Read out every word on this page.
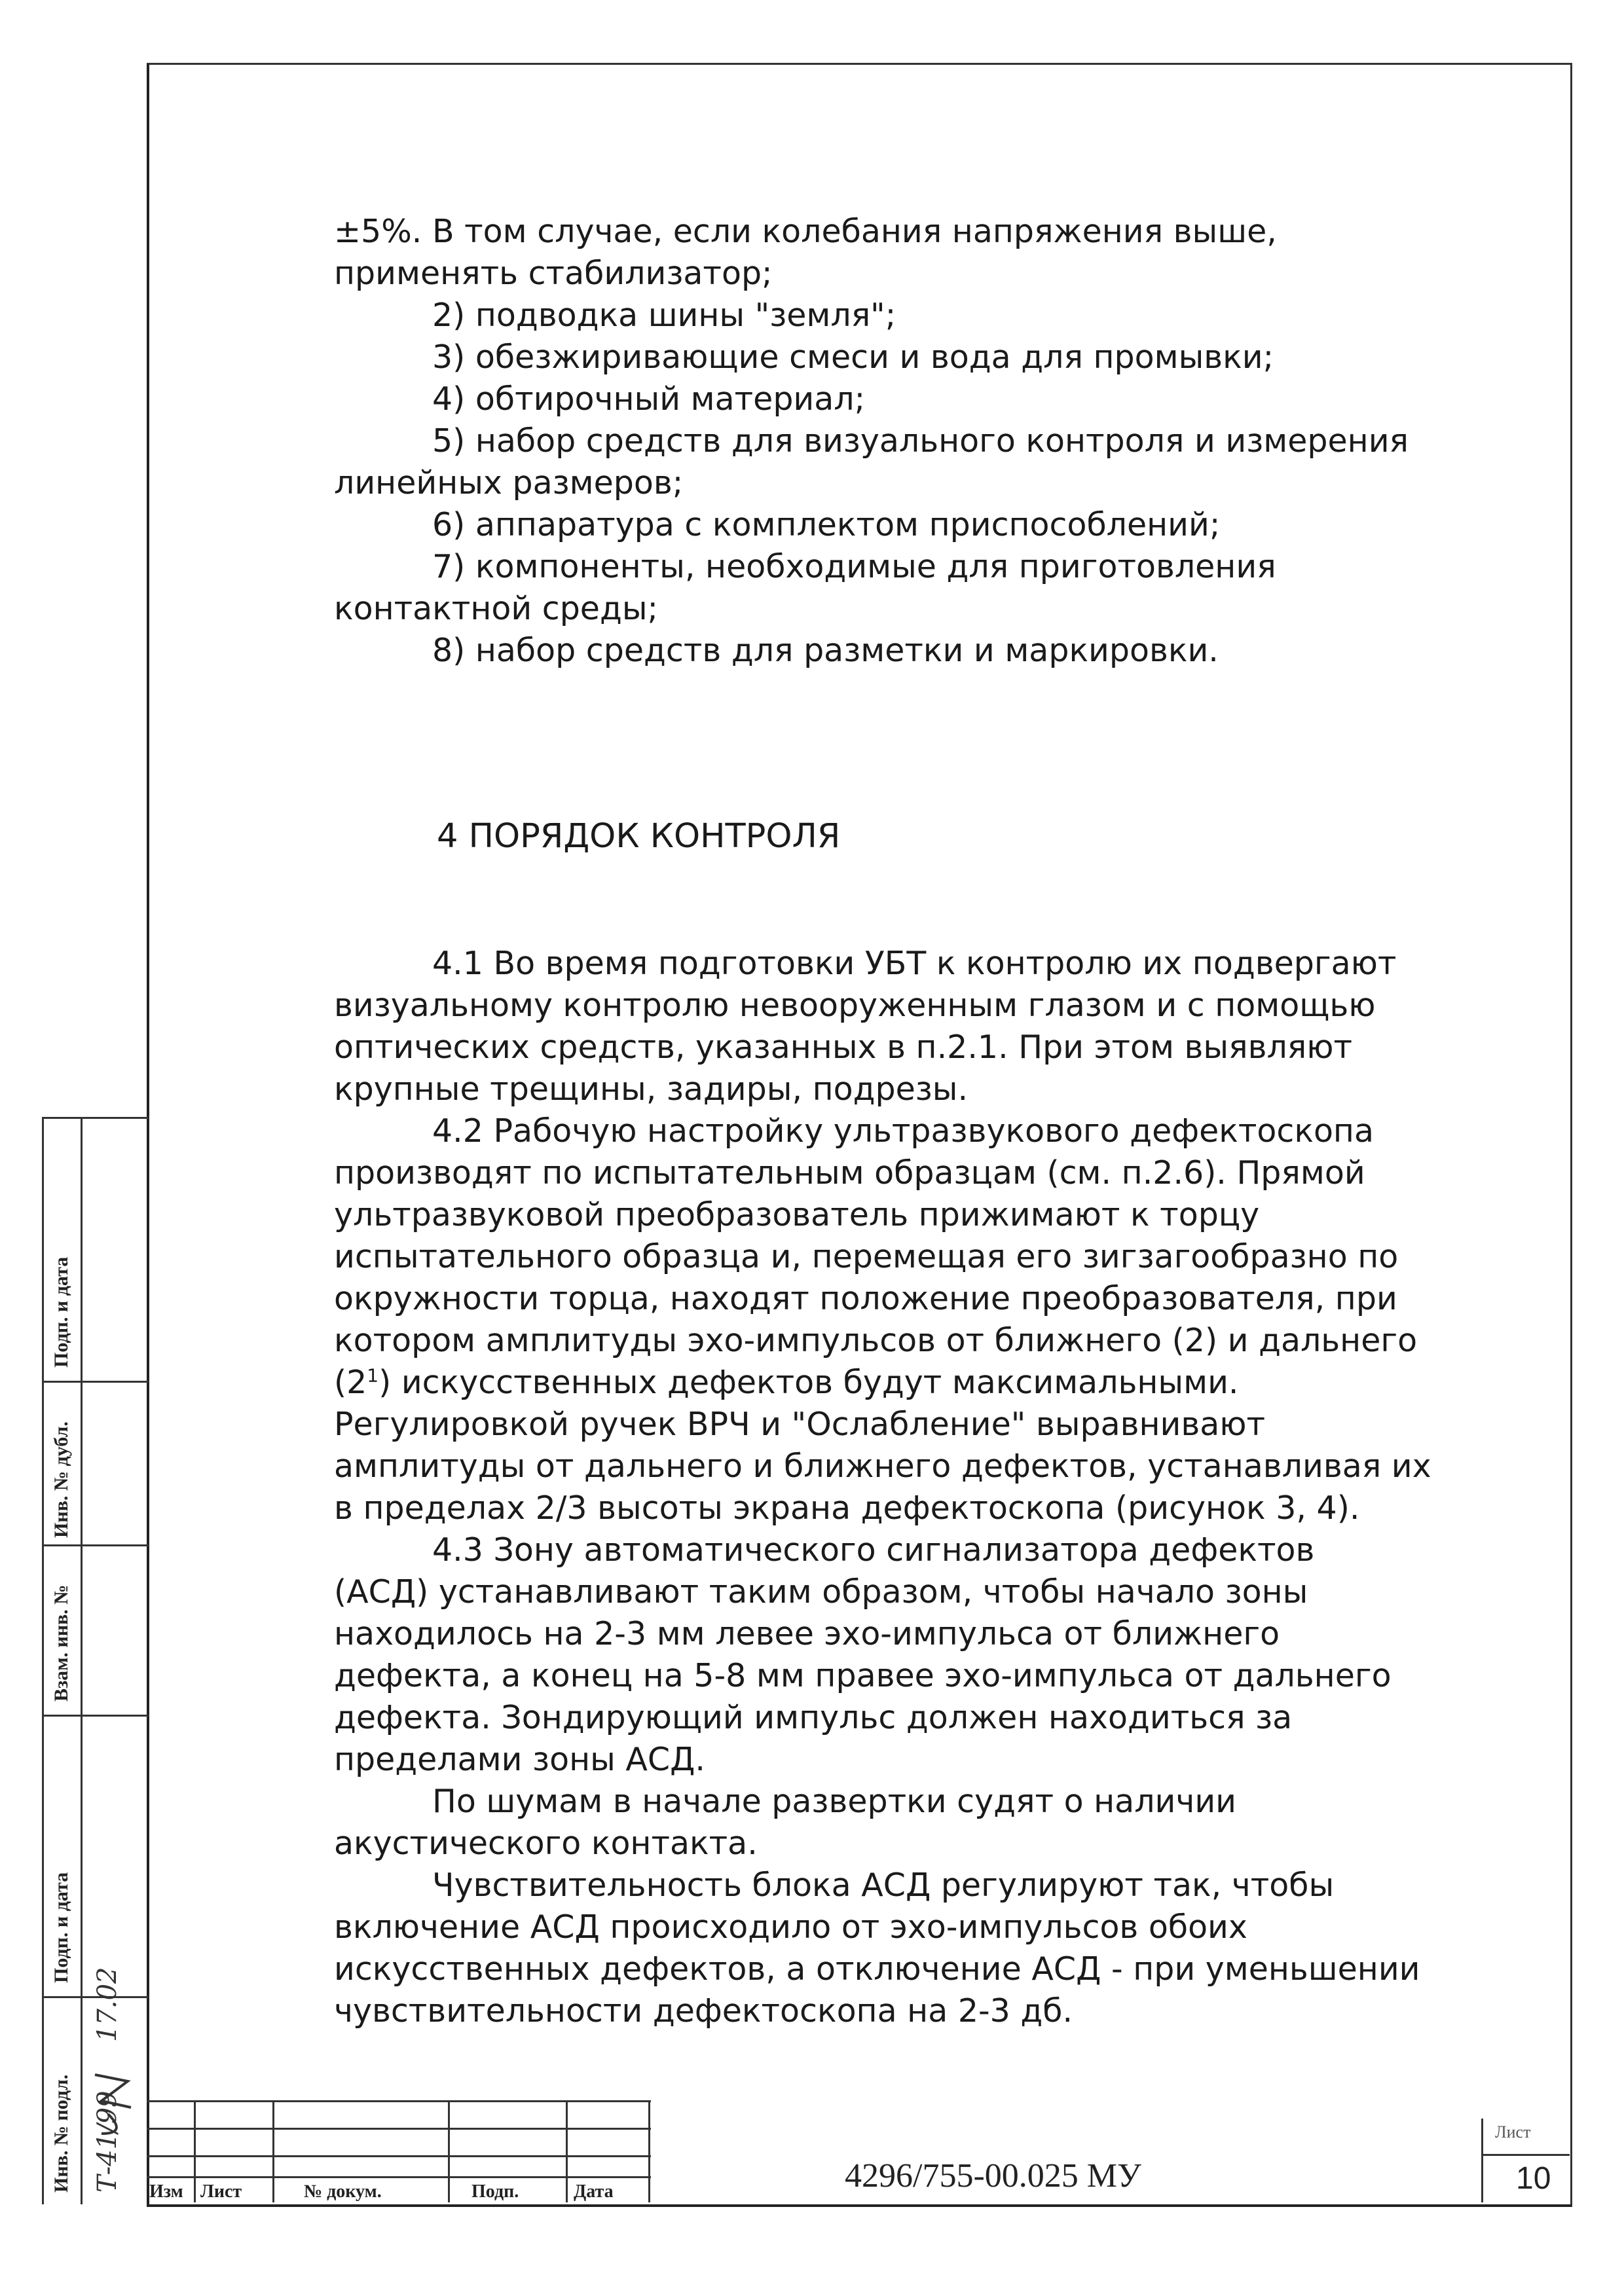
±5%. В том случае, если колебания напряжения выше,

применять стабилизатор;

2) подводка шины "земля";

3) обезжиривающие смеси и вода для промывки;

4) обтирочный материал;

5) набор средств для визуального контроля и измерения

линейных размеров;

6) аппаратура с комплектом приспособлений;

7) компоненты, необходимые для приготовления

контактной среды;

8) набор средств для разметки и маркировки.

4 ПОРЯДОК КОНТРОЛЯ

4.1 Во время подготовки УБТ к контролю их подвергают

визуальному контролю невооруженным глазом и с помощью

оптических средств, указанных в п.2.1. При этом выявляют

крупные трещины, задиры, подрезы.

4.2 Рабочую настройку ультразвукового дефектоскопа

производят по испытательным образцам (см. п.2.6). Прямой

ультразвуковой преобразователь прижимают к торцу

испытательного образца и, перемещая его зигзагообразно по

окружности торца, находят положение преобразователя, при

котором амплитуды эхо-импульсов от ближнего (2) и дальнего

$(2^1)$ искусственных дефектов будут максимальными.

Регулировкой ручек ВРЧ и "Ослабление" выравнивают

амплитуды от дальнего и ближнего дефектов, устанавливая их

в пределах 2/3 высоты экрана дефектоскопа (рисунок 3, 4).

4.3 Зону автоматического сигнализатора дефектов

(АСД) устанавливают таким образом, чтобы начало зоны

находилось на 2-3 мм левее эхо-импульса от ближнего

дефекта, а конец на 5-8 мм правее эхо-импульса от дальнего

дефекта. Зондирующий импульс должен находиться за

пределами зоны АСД.

По шумам в начале развертки судят о наличии

акустического контакта.

Чувствительность блока АСД регулируют так, чтобы

включение АСД происходило от эхо-импульсов обоих

искусственных дефектов, а отключение АСД - при уменьшении

чувствительности дефектоскопа на 2-3 дб.

Инв. № подл.
Подп. и дата
Взам. инв. №
Инв. № дубл.
Подп. и дата
Т-41/99
17.02
Изм Лист	№ докум.	Подп.	Дата	4296/755-00.025 МУ
Лист
10
